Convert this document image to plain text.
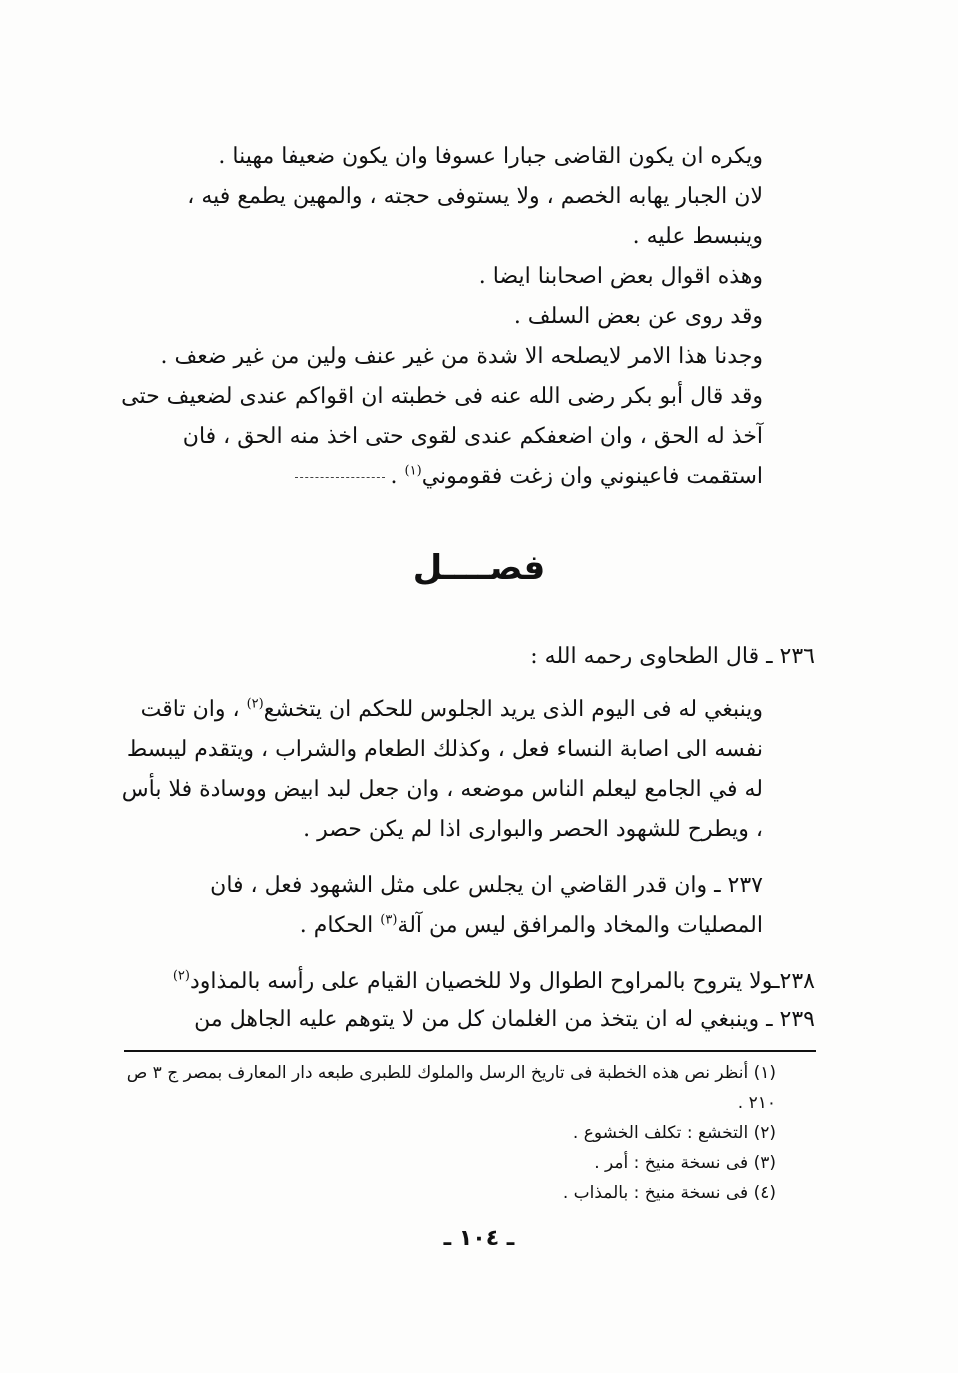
ويكره ان يكون القاضى جبارا عسوفا وان يكون ضعيفا مهينا .

لان الجبار يهابه الخصم ، ولا يستوفى حجته ، والمهين يطمع فيه ، وينبسط عليه .

وهذه اقوال بعض اصحابنا ايضا .

وقد روى عن بعض السلف .

وجدنا هذا الامر لايصلحه الا شدة من غير عنف ولين من غير ضعف .

وقد قال أبو بكر رضى الله عنه فى خطبته ان اقواكم عندى لضعيف حتى آخذ له الحق ، وان اضعفكم عندى لقوى حتى اخذ منه الحق ، فان استقمت فاعينوني وان زغت فقوموني$^{(١)}$ .

فصــــل

٢٣٦ ـ قال الطحاوى رحمه الله :

وينبغي له فى اليوم الذى يريد الجلوس للحكم ان يتخشع$^{(٢)}$ ، وان تاقت نفسه الى اصابة النساء فعل ، وكذلك الطعام والشراب ، ويتقدم ليبسط له في الجامع ليعلم الناس موضعه ، وان جعل لبد ابيض ووسادة فلا بأس ، ويطرح للشهود الحصر والبوارى اذا لم يكن حصر .

٢٣٧ ـ وان قدر القاضي ان يجلس على مثل الشهود فعل ، فان المصليات والمخاد والمرافق ليس من آلة$^{(٣)}$ الحكام .

٢٣٨ـولا يتروح بالمراوح الطوال ولا للخصيان القيام على رأسه بالمذاود$^{(٢)}$

٢٣٩ ـ وينبغي له ان يتخذ من الغلمان كل من لا يتوهم عليه الجاهل من

(١) أنظر نص هذه الخطبة فى تاريخ الرسل والملوك للطبرى طبعه دار المعارف بمصر ج ٣ ص ٢١٠ .

(٢) التخشع : تكلف الخشوع .

(٣) فى نسخة منيخ : أمر .

(٤) فى نسخة منيخ : بالمذاب .

ـ ١٠٤ ـ
